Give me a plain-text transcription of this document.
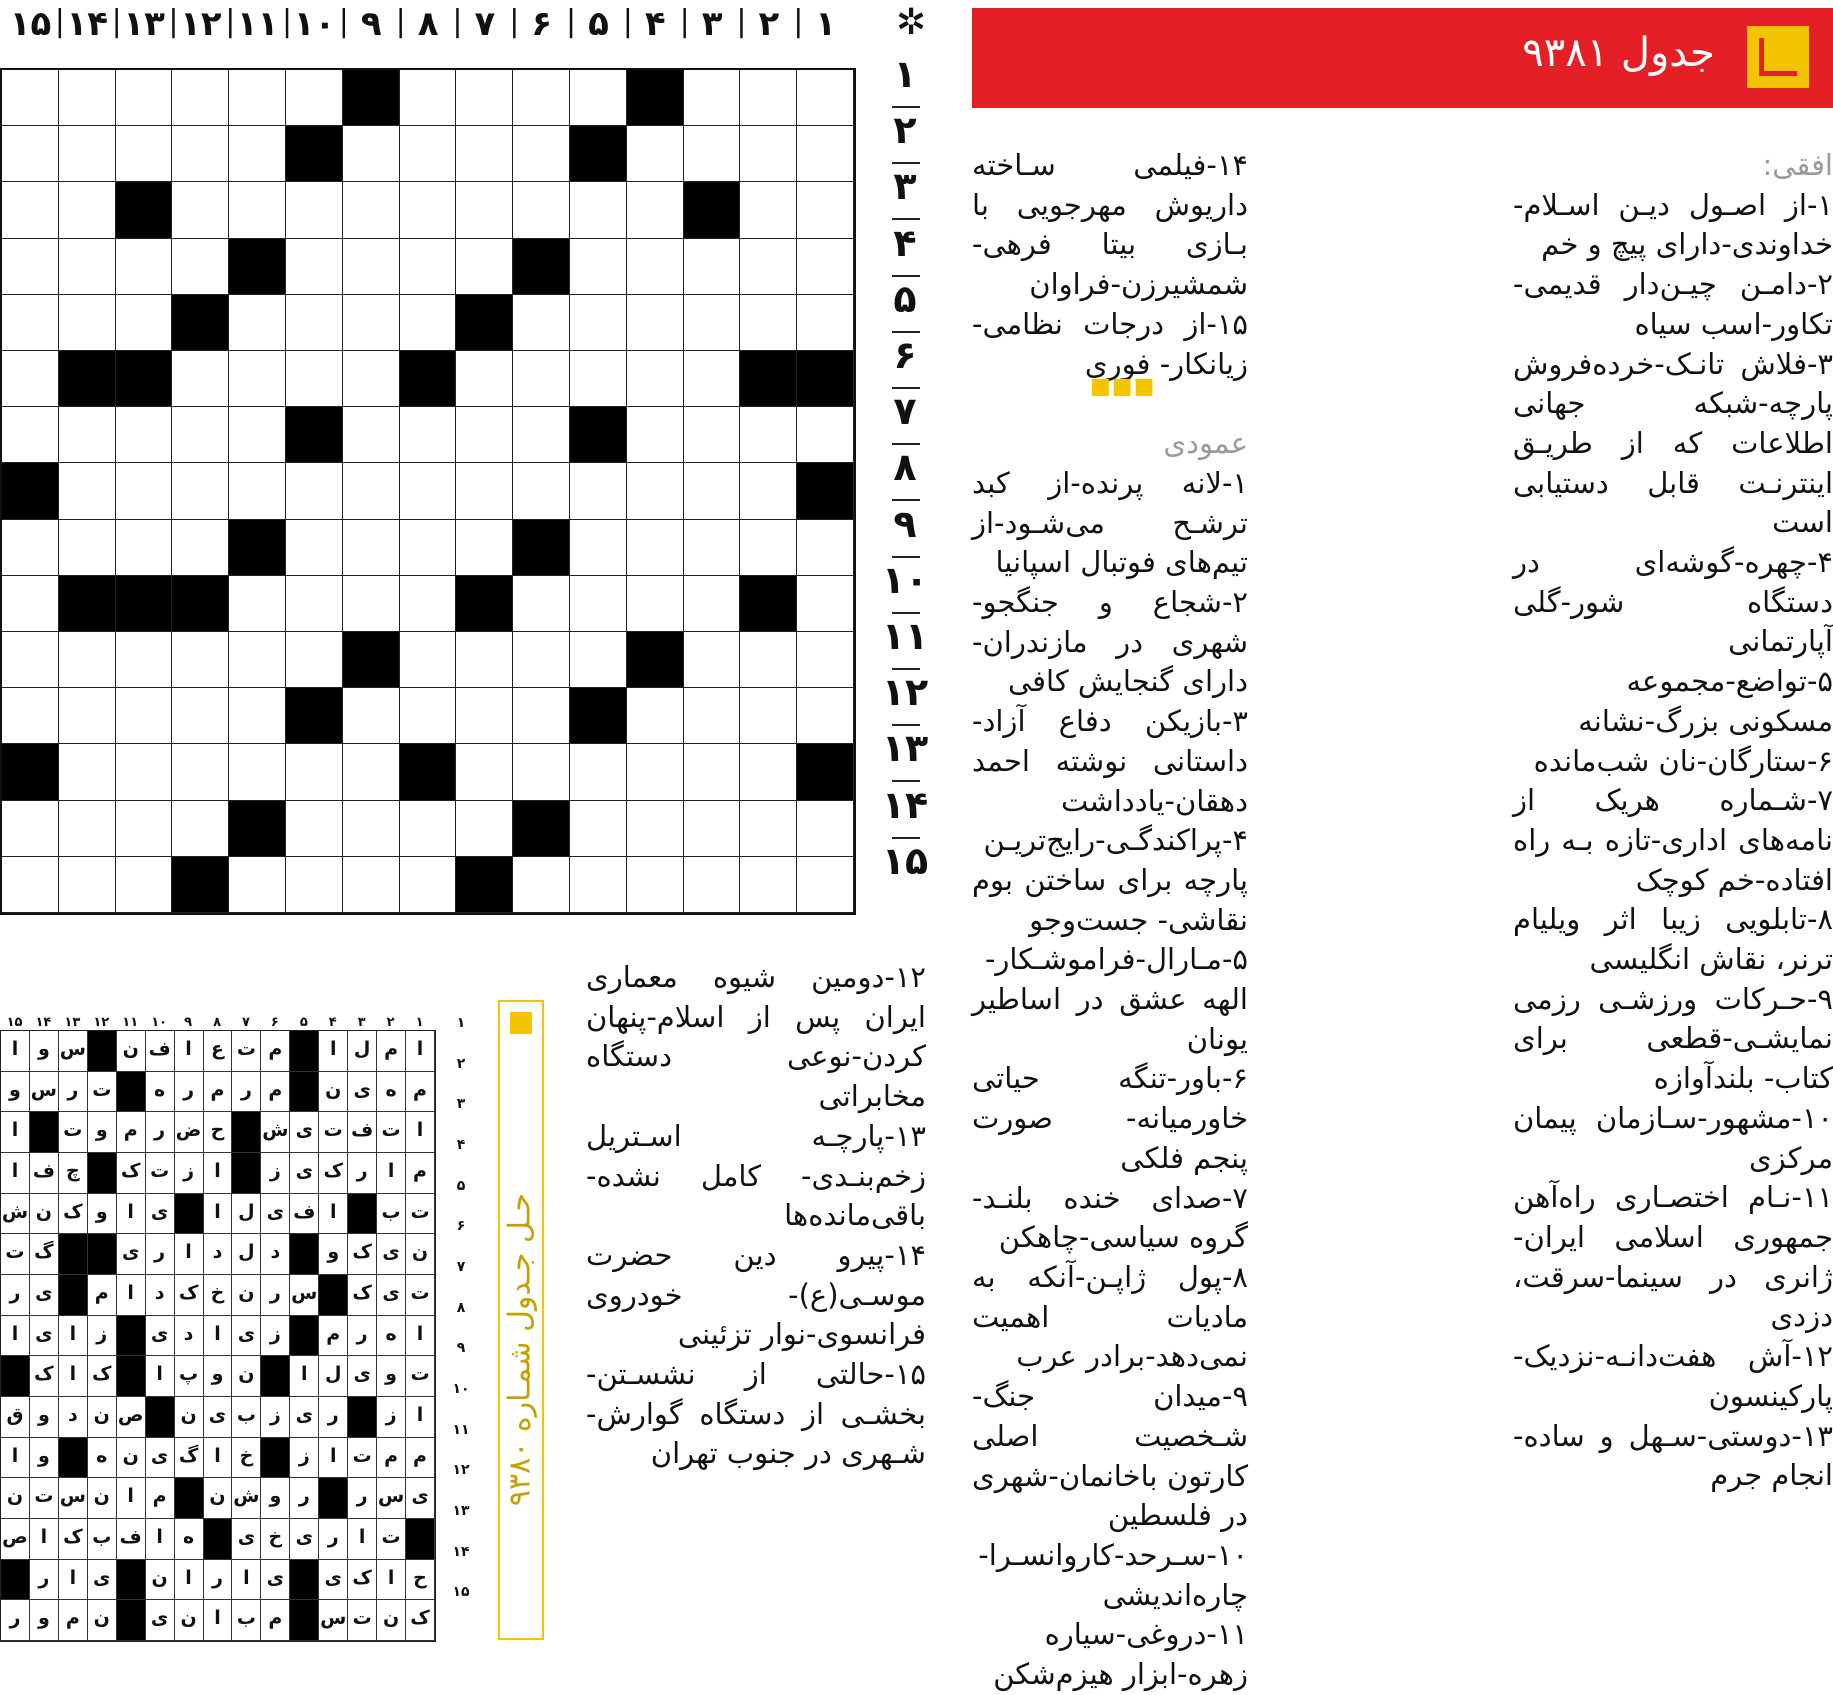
✲
۱
|
۲
|
۳
|
۴
|
۵
|
۶
|
۷
|
۸
|
۹
|
۱۰
|
۱۱
|
۱۲
|
۱۳
|
۱۴
|
۱۵
۱
۲
۳
۴
۵
۶
۷
۸
۹
۱۰
۱۱
۱۲
۱۳
۱۴
۱۵
جدول ۹۳۸۱

افقی:

۱-از اصـول دیـن اسـلام- خداوندی-دارای پیچ و خم

۲-دامـن چیـن‌دار قدیمی- تکاور-اسب سیاه

۳-فلاش تانـک-خرده‌فروش پارچه-شبکه جهانی اطلاعات که از طریـق اینترنـت قابل دستیابی است

۴-چهره-گوشه‌ای در دستگاه شور-گلی آپارتمانی

۵-تواضع-مجموعه مسکونی بزرگ-نشانه

۶-ستارگان-نان شب‌مانده

۷-شـماره هریک از نامه‌های اداری-تازه بـه راه افتاده-خم کوچک

۸-تابلویی زیبا اثر ویلیام ترنر، نقاش انگلیسی

۹-حـرکات ورزشـی رزمی نمایشـی-قطعی برای کتاب- بلندآوازه

۱۰-مشهور-سـازمان پیمان مرکزی

۱۱-نـام اختصـاری راه‌آهن جمهوری اسلامی ایران-ژانری در سینما-سرقت، دزدی

۱۲-آش هفت‌دانـه-نزدیک- پارکینسون

۱۳-دوستی-سـهل و ساده- انجام جرم

۱۴-فیلمی سـاخته داریوش مهرجویی با بـازی بیتا فرهی- شمشیرزن-فراوان

۱۵-از درجات نظامی-زیانکار- فوری

عمودی

۱-لانه پرنده-از کبد ترشـح می‌شـود-از تیم‌های فوتبال اسپانیا

۲-شجاع و جنگجو-شهری در مازندران-دارای گنجایش کافی

۳-بازیکن دفاع آزاد-داستانی نوشته احمد دهقان-یادداشت

۴-پراکندگـی-رایج‌تریـن پارچه برای ساختن بوم نقاشی- جست‌وجو

۵-مـارال-فراموشـکار-الهه عشق در اساطیر یونان

۶-باور-تنگه حیاتی خاورمیانه- صورت پنجم فلکی

۷-صدای خنده بلنـد-گروه سیاسی-چاهکن

۸-پول ژاپـن-آنکه به مادیات اهمیت نمی‌دهد-برادر عرب

۹-میدان جنگ-شـخصیت اصلی کارتون باخانمان-شهری در فلسطین

۱۰-سـرحد-کاروانسـرا- چاره‌اندیشی

۱۱-دروغی-سیاره زهره-ابزار هیزم‌شکن

■■■

۱۲-دومین شیوه معماری ایران پس از اسلام-پنهان کردن-نوعی دستگاه مخابراتی

۱۳-پارچـه اسـتریل زخم‌بنـدی- کامل نشده-باقی‌مانده‌ها

۱۴-پیرو دین حضرت موسـی(ع)- خودروی فرانسوی-نوار تزئینی

۱۵-حالتی از نشسـتن-بخشـی از دستگاه گوارش-شـهری در جنوب تهران

حـل جـدول شمـاره ۹۳۸۰
۱
۲
۳
۴
۵
۶
۷
۸
۹
۱۰
۱۱
۱۲
۱۳
۱۴
۱۵
ا
م
ل
ا
م
ت
ع
ا
ف
ن
س
و
ا
م
ه
ی
ن
م
ر
م
ر
ه
ت
ر
س
و
ا
ت
ف
ت
ی
ش
ح
ض
ر
م
و
ت
ا
م
ا
ر
ک
ی
ز
ا
ز
ت
ک
چ
ف
ا
ت
ب
ا
ف
ی
ل
ا
ی
ا
و
ک
ن
ش
ن
ی
ک
و
د
ل
د
ا
ر
ی
گ
ت
ت
ی
ک
س
ر
ن
خ
ک
د
ا
م
ی
ر
ا
ه
ر
م
ز
ی
ا
د
ی
ز
ا
ی
ا
ت
و
ی
ل
ا
ن
و
پ
ا
ک
ا
ک
ا
ز
ر
ی
ز
ب
ی
ن
ص
ن
د
و
ق
م
م
ت
ا
ز
خ
ا
گ
ی
ن
ه
و
ا
ی
س
ر
ر
و
ش
ن
م
ا
ن
س
ت
ن
ت
ا
ر
ی
خ
ی
ه
ا
ف
ب
ک
ا
ص
ح
ا
ک
ی
ی
ا
ر
ا
ن
ی
ا
ر
ک
ن
ت
س
م
ب
ا
ن
ی
ن
م
و
ر
۱
۲
۳
۴
۵
۶
۷
۸
۹
۱۰
۱۱
۱۲
۱۳
۱۴
۱۵
